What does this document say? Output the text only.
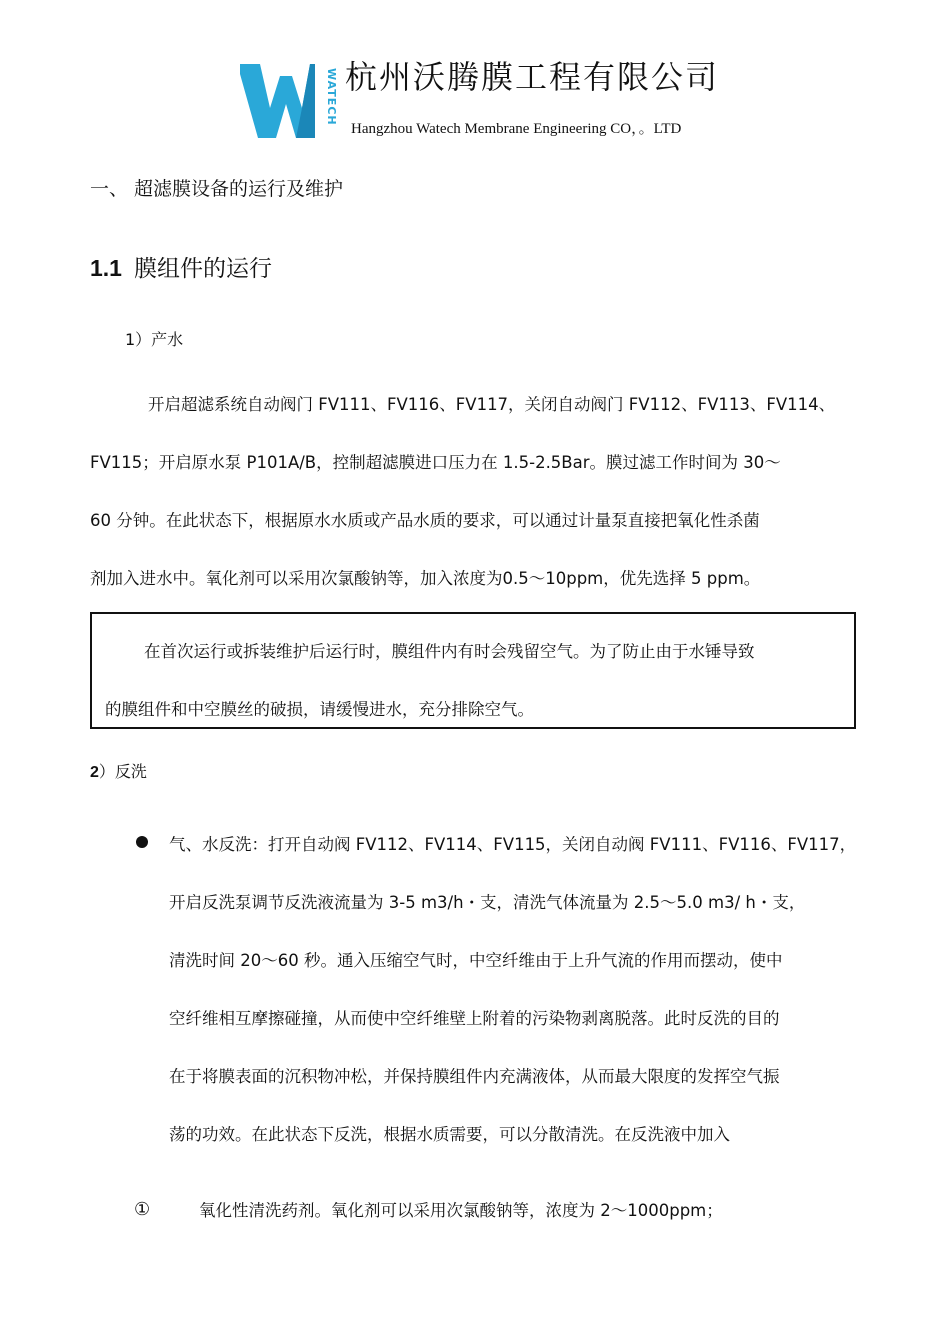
WATECH 杭州沃腾膜工程有限公司
Hangzhou Watech Membrane Engineering CO，。LTD
一、 超滤膜设备的运行及维护
1.1 膜组件的运行
1）产水
开启超滤系统自动阀门 FV111、FV116、FV117，关闭自动阀门 FV112、FV113、FV114、
FV115；开启原水泵 P101A/B，控制超滤膜进口压力在 1.5-2.5Bar。膜过滤工作时间为 30～
60 分钟。在此状态下，根据原水水质或产品水质的要求，可以通过计量泵直接把氧化性杀菌
剂加入进水中。氧化剂可以采用次氯酸钠等，加入浓度为0.5～10ppm，优先选择 5 ppm。
在首次运行或拆装维护后运行时，膜组件内有时会残留空气。为了防止由于水锤导致
的膜组件和中空膜丝的破损，请缓慢进水，充分排除空气。
2）反洗
气、水反洗：打开自动阀 FV112、FV114、FV115，关闭自动阀 FV111、FV116、FV117，
开启反洗泵调节反洗液流量为 3-5 m3/h・支，清洗气体流量为 2.5～5.0 m3/ h・支，
清洗时间 20～60 秒。通入压缩空气时，中空纤维由于上升气流的作用而摆动，使中
空纤维相互摩擦碰撞，从而使中空纤维壁上附着的污染物剥离脱落。此时反洗的目的
在于将膜表面的沉积物冲松，并保持膜组件内充满液体，从而最大限度的发挥空气振
荡的功效。在此状态下反洗，根据水质需要，可以分散清洗。在反洗液中加入
①	氧化性清洗药剂。氧化剂可以采用次氯酸钠等，浓度为 2～1000ppm；
